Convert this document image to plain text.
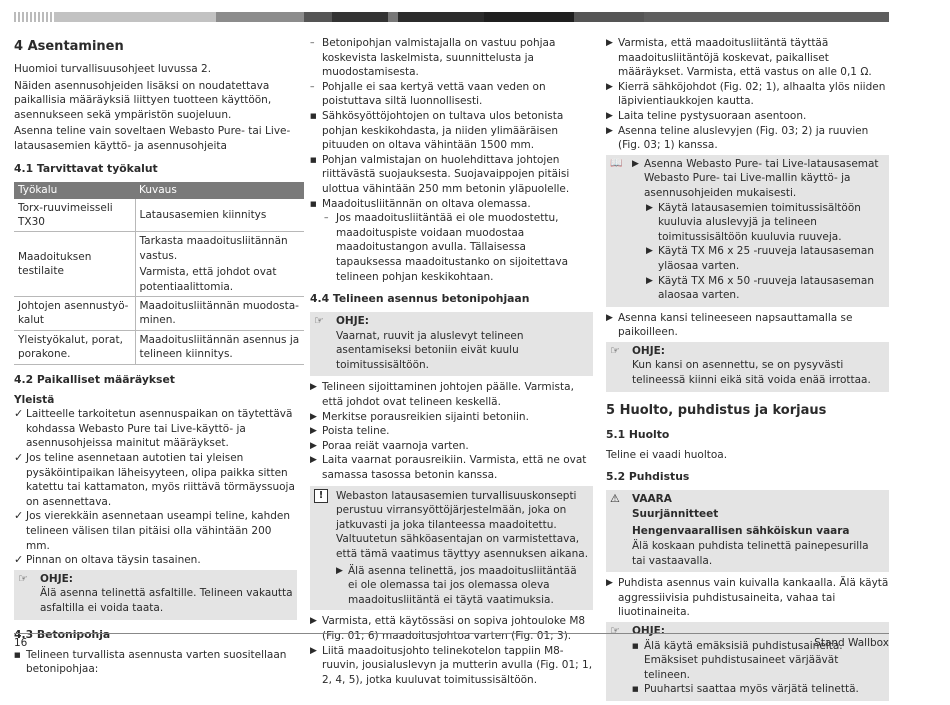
4 Asentaminen

Huomioi turvallisuusohjeet luvussa 2.

Näiden asennusohjeiden lisäksi on noudatettava paikallisia määräyksiä liittyen tuotteen käyttöön, asennukseen sekä ympäristön suojeluun.

Asenna teline vain soveltaen Webasto Pure- tai Live-latausasemien käyttö- ja asennusohjeita

4.1 Tarvittavat työkalut
Työkalu	Kuvaus
Torx-ruuvimeisseli TX30	Latausasemien kiinnitys
Maadoituksen testilaite	Tarkasta maadoitusliitännän vastus.
Varmista, että johdot ovat potentiaalittomia.

Johtojen asennustyökalut	Maadoitusliitännän muodostaminen.
Yleistyökalut, porat, porakone.	Maadoitusliitännän asennus ja telineen kiinnitys.
4.2 Paikalliset määräykset

Yleistä

✓ Laitteelle tarkoitetun asennuspaikan on täytettävä kohdassa Webasto Pure tai Live-käyttö- ja asennusohjeissa mainitut määräykset.
✓ Jos teline asennetaan autotien tai yleisen pysäköintipaikan läheisyyteen, olipa paikka sitten katettu tai kattamaton, myös riittävä törmäyssuoja on asennettava.
✓ Jos vierekkäin asennetaan useampi teline, kahden telineen välisen tilan pitäisi olla vähintään 200 mm.
✓ Pinnan on oltava täysin tasainen.
☞	OHJE:
Älä asenna telinettä asfaltille. Telineen vakautta asfaltilla ei voida taata.
4.3 Betonipohja
■ Telineen turvallista asennusta varten suositellaan betonipohjaa:
– Betonipohjan valmistajalla on vastuu pohjaa koskevista laskelmista, suunnittelusta ja muodostamisesta.
– Pohjalle ei saa kertyä vettä vaan veden on poistuttava siltä luonnollisesti.
■ Sähkösyöttöjohtojen on tultava ulos betonista pohjan keskikohdasta, ja niiden ylimääräisen pituuden on oltava vähintään 1500 mm.
■ Pohjan valmistajan on huolehdittava johtojen riittävästä suojauksesta. Suojavaippojen pitäisi ulottua vähintään 250 mm betonin yläpuolelle.
■ Maadoitusliitännän on oltava olemassa.
– Jos maadoitusliitäntää ei ole muodostettu, maadoituspiste voidaan muodostaa maadoitustangon avulla. Tällaisessa tapauksessa maadoitustanko on sijoitettava telineen pohjan keskikohtaan.
4.4 Telineen asennus betonipohjaan
☞	OHJE:
Vaarnat, ruuvit ja aluslevyt telineen asentamiseksi betoniin eivät kuulu toimitussisältöön.
▶ Telineen sijoittaminen johtojen päälle. Varmista, että johdot ovat telineen keskellä.
▶ Merkitse porausreikien sijainti betoniin.
▶ Poista teline.
▶ Poraa reiät vaarnoja varten.
▶ Laita vaarnat porausreikiin. Varmista, että ne ovat samassa tasossa betonin kanssa.
!	Webaston latausasemien turvallisuuskonsepti perustuu virransyöttöjärjestelmään, joka on jatkuvasti ja joka tilanteessa maadoitettu. Valtuutetun sähköasentajan on varmistettava, että tämä vaatimus täyttyy asennuksen aikana.
▶ Älä asenna telinettä, jos maadoitusliitäntää ei ole olemassa tai jos olemassa oleva maadoitusliitäntä ei täytä vaatimuksia.
▶ Varmista, että käytössäsi on sopiva johtouloke M8 (Fig. 01; 6) maadoitusjohtoa varten (Fig. 01; 3).
▶ Liitä maadoitusjohto telinekotelon tappiin M8-ruuvin, jousialuslevyn ja mutterin avulla (Fig. 01; 1, 2, 4, 5), jotka kuuluvat toimitussisältöön.
▶ Varmista, että maadoitusliitäntä täyttää maadoitusliitäntöjä koskevat, paikalliset määräykset. Varmista, että vastus on alle 0,1 Ω.
▶ Kierrä sähköjohdot (Fig. 02; 1), alhaalta ylös niiden läpivientiaukkojen kautta.
▶ Laita teline pystysuoraan asentoon.
▶ Asenna teline aluslevyjen (Fig. 03; 2) ja ruuvien (Fig. 03; 1) kanssa.
📖	▶ Asenna Webasto Pure- tai Live-latausasemat Webasto Pure- tai Live-mallin käyttö- ja asennusohjeiden mukaisesti.
▶ Käytä latausasemien toimitussisältöön kuuluvia aluslevyjä ja telineen toimitussisältöön kuuluvia ruuveja.
▶ Käytä TX M6 x 25 -ruuveja latausaseman yläosaa varten.
▶ Käytä TX M6 x 50 -ruuveja latausaseman alaosaa varten.
▶ Asenna kansi telineeseen napsauttamalla se paikoilleen.
☞	OHJE:
Kun kansi on asennettu, se on pysyvästi telineessä kiinni eikä sitä voida enää irrottaa.
5 Huolto, puhdistus ja korjaus
5.1 Huolto

Teline ei vaadi huoltoa.

5.2 Puhdistus
⚠	VAARA
Suurjännitteet
Hengenvaarallisen sähköiskun vaara
Älä koskaan puhdista telinettä painepesurilla tai vastaavalla.
▶ Puhdista asennus vain kuivalla kankaalla. Älä käytä aggressiivisia puhdistusaineita, vahaa tai liuotinaineita.
☞	OHJE:
■ Älä käytä emäksisiä puhdistusaineita. Emäksiset puhdistusaineet värjäävät telineen.
■ Puuhartsi saattaa myös värjätä telinettä.
16	Stand Wallbox
